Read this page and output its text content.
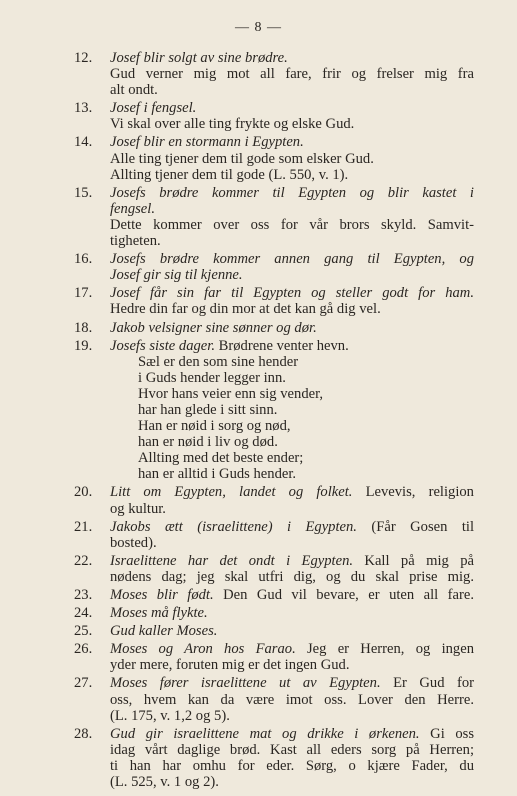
— 8 —
12.	Josef blir solgt av sine brødre.
Gud verner mig mot all fare, frir og frelser mig fra
alt ondt.
13.	Josef i fengsel.
Vi skal over alle ting frykte og elske Gud.
14.	Josef blir en stormann i Egypten.
Alle ting tjener dem til gode som elsker Gud.
Allting tjener dem til gode (L. 550, v. 1).
15.	Josefs brødre kommer til Egypten og blir kastet i
fengsel.
Dette kommer over oss for vår brors skyld. Samvit-
tigheten.
16.	Josefs brødre kommer annen gang til Egypten, og
Josef gir sig til kjenne.
17.	Josef får sin far til Egypten og steller godt for ham.
Hedre din far og din mor at det kan gå dig vel.
18.	Jakob velsigner sine sønner og dør.
19.	Josefs siste dager. Brødrene venter hevn.
Sæl er den som sine hender
i Guds hender legger inn.
Hvor hans veier enn sig vender,
har han glede i sitt sinn.
Han er nøid i sorg og nød,
han er nøid i liv og død.
Allting med det beste ender;
han er alltid i Guds hender.
20.	Litt om Egypten, landet og folket. Levevis, religion
og kultur.
21.	Jakobs ætt (israelittene) i Egypten. (Får Gosen til
bosted).
22.	Israelittene har det ondt i Egypten. Kall på mig på
nødens dag; jeg skal utfri dig, og du skal prise mig.
23.	Moses blir født. Den Gud vil bevare, er uten all fare.
24.	Moses må flykte.
25.	Gud kaller Moses.
26.	Moses og Aron hos Farao. Jeg er Herren, og ingen
yder mere, foruten mig er det ingen Gud.
27.	Moses fører israelittene ut av Egypten. Er Gud for
oss, hvem kan da være imot oss. Lover den Herre.
(L. 175, v. 1,2 og 5).
28.	Gud gir israelittene mat og drikke i ørkenen. Gi oss
idag vårt daglige brød. Kast all eders sorg på Herren;
ti han har omhu for eder. Sørg, o kjære Fader, du
(L. 525, v. 1 og 2).
